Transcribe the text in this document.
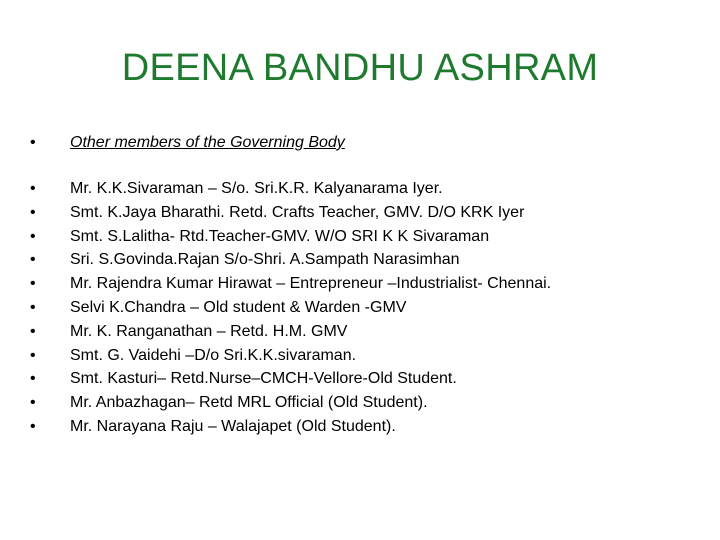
DEENA BANDHU ASHRAM
• Other members of the Governing Body
• Mr. K.K.Sivaraman – S/o. Sri.K.R. Kalyanarama Iyer.
• Smt. K.Jaya Bharathi. Retd. Crafts Teacher, GMV. D/O KRK Iyer
• Smt. S.Lalitha- Rtd.Teacher-GMV. W/O SRI K K Sivaraman
• Sri. S.Govinda.Rajan S/o-Shri. A.Sampath Narasimhan
• Mr. Rajendra Kumar Hirawat – Entrepreneur –Industrialist- Chennai.
• Selvi K.Chandra – Old student & Warden -GMV
• Mr. K. Ranganathan – Retd. H.M. GMV
• Smt. G. Vaidehi –D/o Sri.K.K.sivaraman.
• Smt. Kasturi– Retd.Nurse–CMCH-Vellore-Old Student.
• Mr. Anbazhagan– Retd MRL Official (Old Student).
• Mr. Narayana Raju – Walajapet (Old Student).
